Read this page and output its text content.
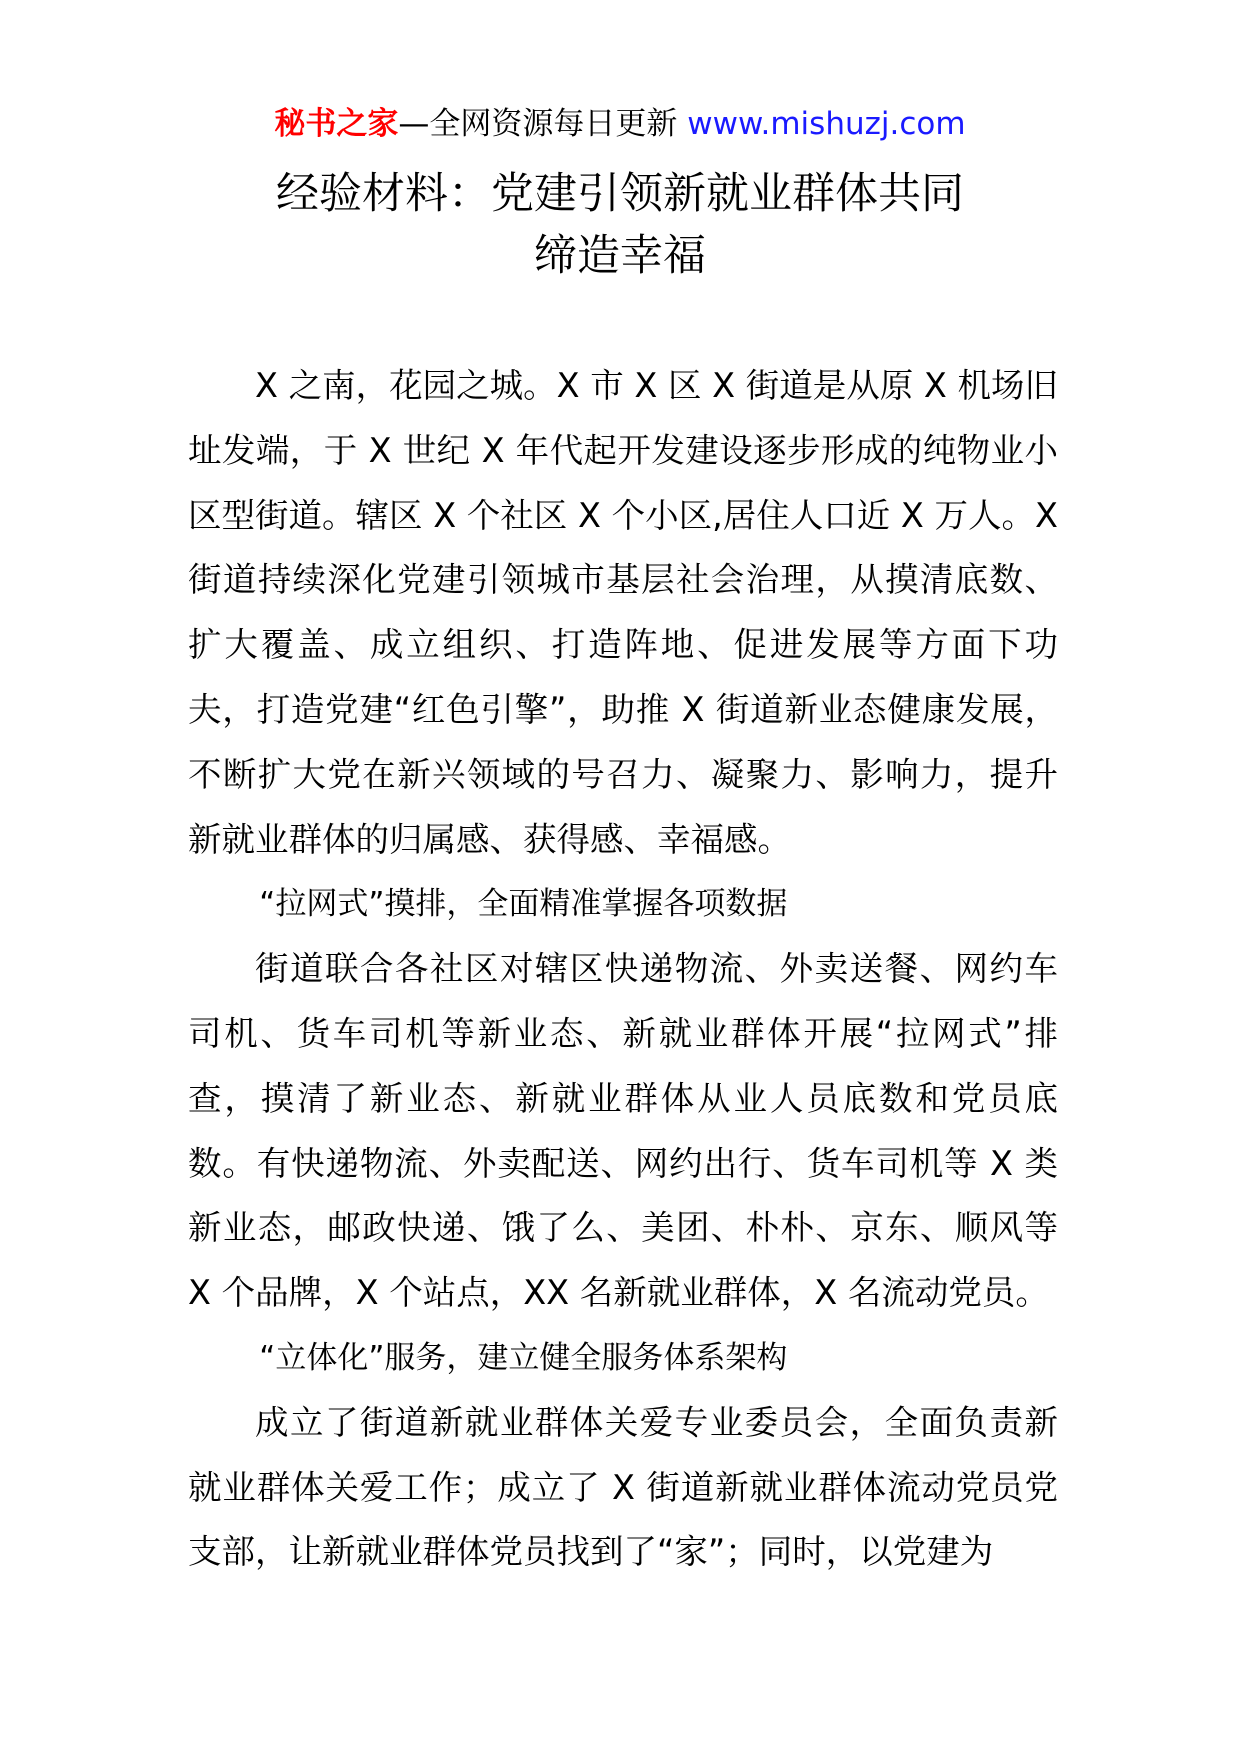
秘书之家—全网资源每日更新 www.mishuzj.com
经验材料：党建引领新就业群体共同
缔造幸福

X 之南，花园之城。X 市 X 区 X 街道是从原 X 机场旧址发端，于 X 世纪 X 年代起开发建设逐步形成的纯物业小区型街道。辖区 X 个社区 X 个小区,居住人口近 X 万人。X 街道持续深化党建引领城市基层社会治理，从摸清底数、扩大覆盖、成立组织、打造阵地、促进发展等方面下功夫，打造党建“红色引擎”，助推 X 街道新业态健康发展，不断扩大党在新兴领域的号召力、凝聚力、影响力，提升新就业群体的归属感、获得感、幸福感。

“拉网式”摸排，全面精准掌握各项数据

街道联合各社区对辖区快递物流、外卖送餐、网约车司机、货车司机等新业态、新就业群体开展“拉网式”排查，摸清了新业态、新就业群体从业人员底数和党员底数。有快递物流、外卖配送、网约出行、货车司机等 X 类新业态，邮政快递、饿了么、美团、朴朴、京东、顺风等 X 个品牌，X 个站点，XX 名新就业群体，X 名流动党员。

“立体化”服务，建立健全服务体系架构

成立了街道新就业群体关爱专业委员会，全面负责新就业群体关爱工作；成立了 X 街道新就业群体流动党员党支部，让新就业群体党员找到了“家”；同时，以党建为
